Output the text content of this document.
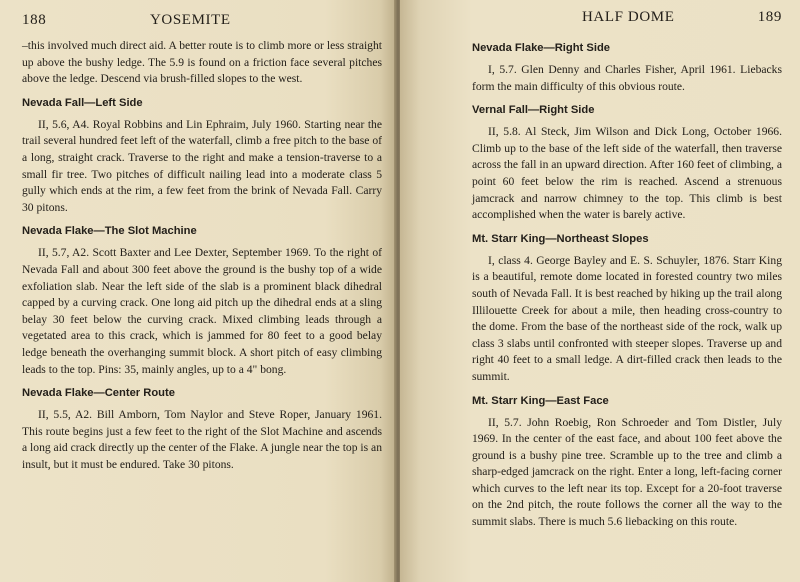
188	YOSEMITE

–this involved much direct aid. A better route is to climb more or less straight up above the bushy ledge. The 5.9 is found on a friction face several pitches above the ledge. Descend via brush-filled slopes to the west.

Nevada Fall—Left Side

II, 5.6, A4. Royal Robbins and Lin Ephraim, July 1960. Starting near the trail several hundred feet left of the waterfall, climb a free pitch to the base of a long, straight crack. Traverse to the right and make a tension-traverse to a small fir tree. Two pitches of difficult nailing lead into a moderate class 5 gully which ends at the rim, a few feet from the brink of Nevada Fall. Carry 30 pitons.

Nevada Flake—The Slot Machine

II, 5.7, A2. Scott Baxter and Lee Dexter, September 1969. To the right of Nevada Fall and about 300 feet above the ground is the bushy top of a wide exfoliation slab. Near the left side of the slab is a prominent black dihedral capped by a curving crack. One long aid pitch up the dihedral ends at a sling belay 30 feet below the curving crack. Mixed climbing leads through a vegetated area to this crack, which is jammed for 80 feet to a good belay ledge beneath the overhanging summit block. A short pitch of easy climbing leads to the top. Pins: 35, mainly angles, up to a 4" bong.

Nevada Flake—Center Route

II, 5.5, A2. Bill Amborn, Tom Naylor and Steve Roper, January 1961. This route begins just a few feet to the right of the Slot Machine and ascends a long aid crack directly up the center of the Flake. A jungle near the top is an insult, but it must be endured. Take 30 pitons.

HALF DOME	189
Nevada Flake—Right Side

I, 5.7. Glen Denny and Charles Fisher, April 1961. Liebacks form the main difficulty of this obvious route.

Vernal Fall—Right Side

II, 5.8. Al Steck, Jim Wilson and Dick Long, October 1966. Climb up to the base of the left side of the waterfall, then traverse across the fall in an upward direction. After 160 feet of climbing, a point 60 feet below the rim is reached. Ascend a strenuous jamcrack and narrow chimney to the top. This climb is best accomplished when the water is barely active.

Mt. Starr King—Northeast Slopes

I, class 4. George Bayley and E. S. Schuyler, 1876. Starr King is a beautiful, remote dome located in forested country two miles south of Nevada Fall. It is best reached by hiking up the trail along Illilouette Creek for about a mile, then heading cross-country to the dome. From the base of the northeast side of the rock, walk up class 3 slabs until confronted with steeper slopes. Traverse up and right 40 feet to a small ledge. A dirt-filled crack then leads to the summit.

Mt. Starr King—East Face

II, 5.7. John Roebig, Ron Schroeder and Tom Distler, July 1969. In the center of the east face, and about 100 feet above the ground is a bushy pine tree. Scramble up to the tree and climb a sharp-edged jamcrack on the right. Enter a long, left-facing corner which curves to the left near its top. Except for a 20-foot traverse on the 2nd pitch, the route follows the corner all the way to the summit slabs. There is much 5.6 liebacking on this route.
